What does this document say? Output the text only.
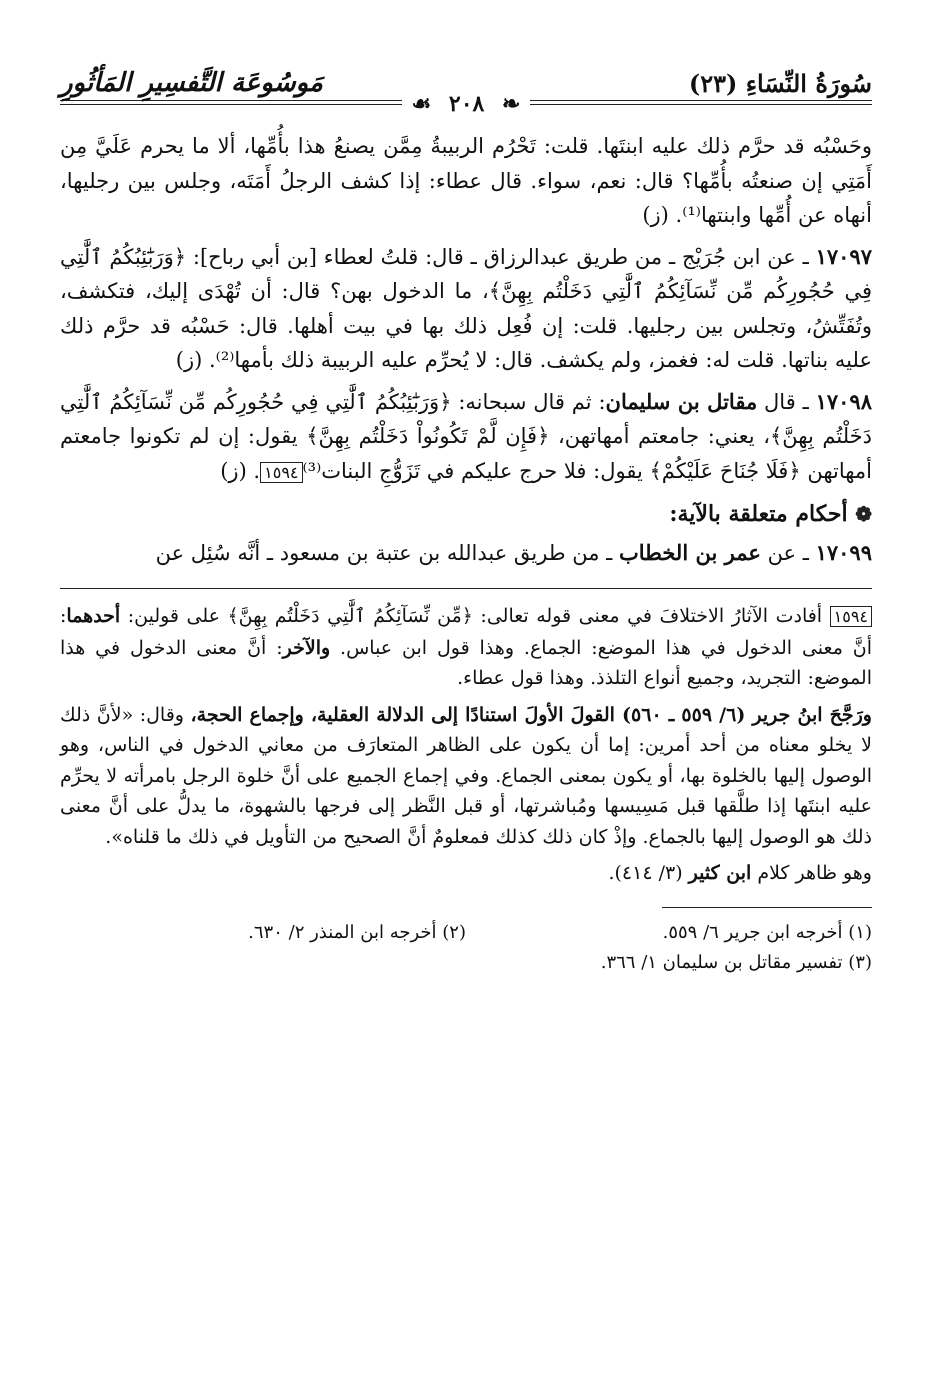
سُورَةُ النِّسَاءِ (٢٣)
مَوسُوعَة التَّفسِيرِ المَأثُورِ
❧ ٢٠٨ ☙

وحَسْبُه قد حرَّم ذلك عليه ابنتَها. قلت: تَحْرُم الربيبةُ مِمَّن يصنعُ هذا بأُمِّها، ألا ما يحرم عَلَيَّ مِن أَمَتِي إن صنعتُه بأُمِّها؟ قال: نعم، سواء. قال عطاء: إذا كشف الرجلُ أَمَتَه، وجلس بين رجليها، أنهاه عن أُمِّها وابنتها⁽¹⁾. (ز)

١٧٠٩٧ ـ عن ابن جُرَيْج ـ من طريق عبدالرزاق ـ قال: قلتُ لعطاء [بن أبي رباح]: ﴿وَرَبَٰٓئِبُكُمُ ٱلَّٰتِي فِي حُجُورِكُم مِّن نِّسَآئِكُمُ ٱلَّٰتِي دَخَلْتُم بِهِنَّ﴾، ما الدخول بهن؟ قال: أن تُهْدَى إليك، فتكشف، وتُفَتِّشُ، وتجلس بين رجليها. قلت: إن فُعِل ذلك بها في بيت أهلها. قال: حَسْبُه قد حرَّم ذلك عليه بناتها. قلت له: فغمز، ولم يكشف. قال: لا يُحرِّم عليه الربيبة ذلك بأمها⁽²⁾. (ز)

١٧٠٩٨ ـ قال مقاتل بن سليمان: ثم قال سبحانه: ﴿وَرَبَٰٓئِبُكُمُ ٱلَّٰتِي فِي حُجُورِكُم مِّن نِّسَآئِكُمُ ٱلَّٰتِي دَخَلْتُم بِهِنَّ﴾، يعني: جامعتم أمهاتهن، ﴿فَإِن لَّمْ تَكُونُواْ دَخَلْتُم بِهِنَّ﴾ يقول: إن لم تكونوا جامعتم أمهاتهن ﴿فَلَا جُنَاحَ عَلَيْكُمْ﴾ يقول: فلا حرج عليكم في تَزَوُّجِ البنات⁽³⁾١٥٩٤. (ز)

❁ أحكام متعلقة بالآية:

١٧٠٩٩ ـ عن عمر بن الخطاب ـ من طريق عبدالله بن عتبة بن مسعود ـ أنَّه سُئِل عن

١٥٩٤ أفادت الآثارُ الاختلافَ في معنى قوله تعالى: ﴿مِّن نِّسَآئِكُمُ ٱلَّٰتِي دَخَلْتُم بِهِنَّ﴾ على قولين: أحدهما: أنَّ معنى الدخول في هذا الموضع: الجماع. وهذا قول ابن عباس. والآخر: أنَّ معنى الدخول في هذا الموضع: التجريد، وجميع أنواع التلذذ. وهذا قول عطاء.

ورَجَّحَ ابنُ جرير (٦/ ٥٥٩ ـ ٥٦٠) القولَ الأولَ استنادًا إلى الدلالة العقلية، وإجماع الحجة، وقال: «لأنَّ ذلك لا يخلو معناه من أحد أمرين: إما أن يكون على الظاهر المتعارَف من معاني الدخول في الناس، وهو الوصول إليها بالخلوة بها، أو يكون بمعنى الجماع. وفي إجماع الجميع على أنَّ خلوة الرجل بامرأته لا يحرِّم عليه ابنتَها إذا طلَّقها قبل مَسِيسها ومُباشرتها، أو قبل النَّظر إلى فرجها بالشهوة، ما يدلُّ على أنَّ معنى ذلك هو الوصول إليها بالجماع. وإذْ كان ذلك كذلك فمعلومٌ أنَّ الصحيح من التأويل في ذلك ما قلناه».

وهو ظاهر كلام ابن كثير (٣/ ٤١٤).

(١) أخرجه ابن جرير ٦/ ٥٥٩.
(٢) أخرجه ابن المنذر ٢/ ٦٣٠.
(٣) تفسير مقاتل بن سليمان ١/ ٣٦٦.
